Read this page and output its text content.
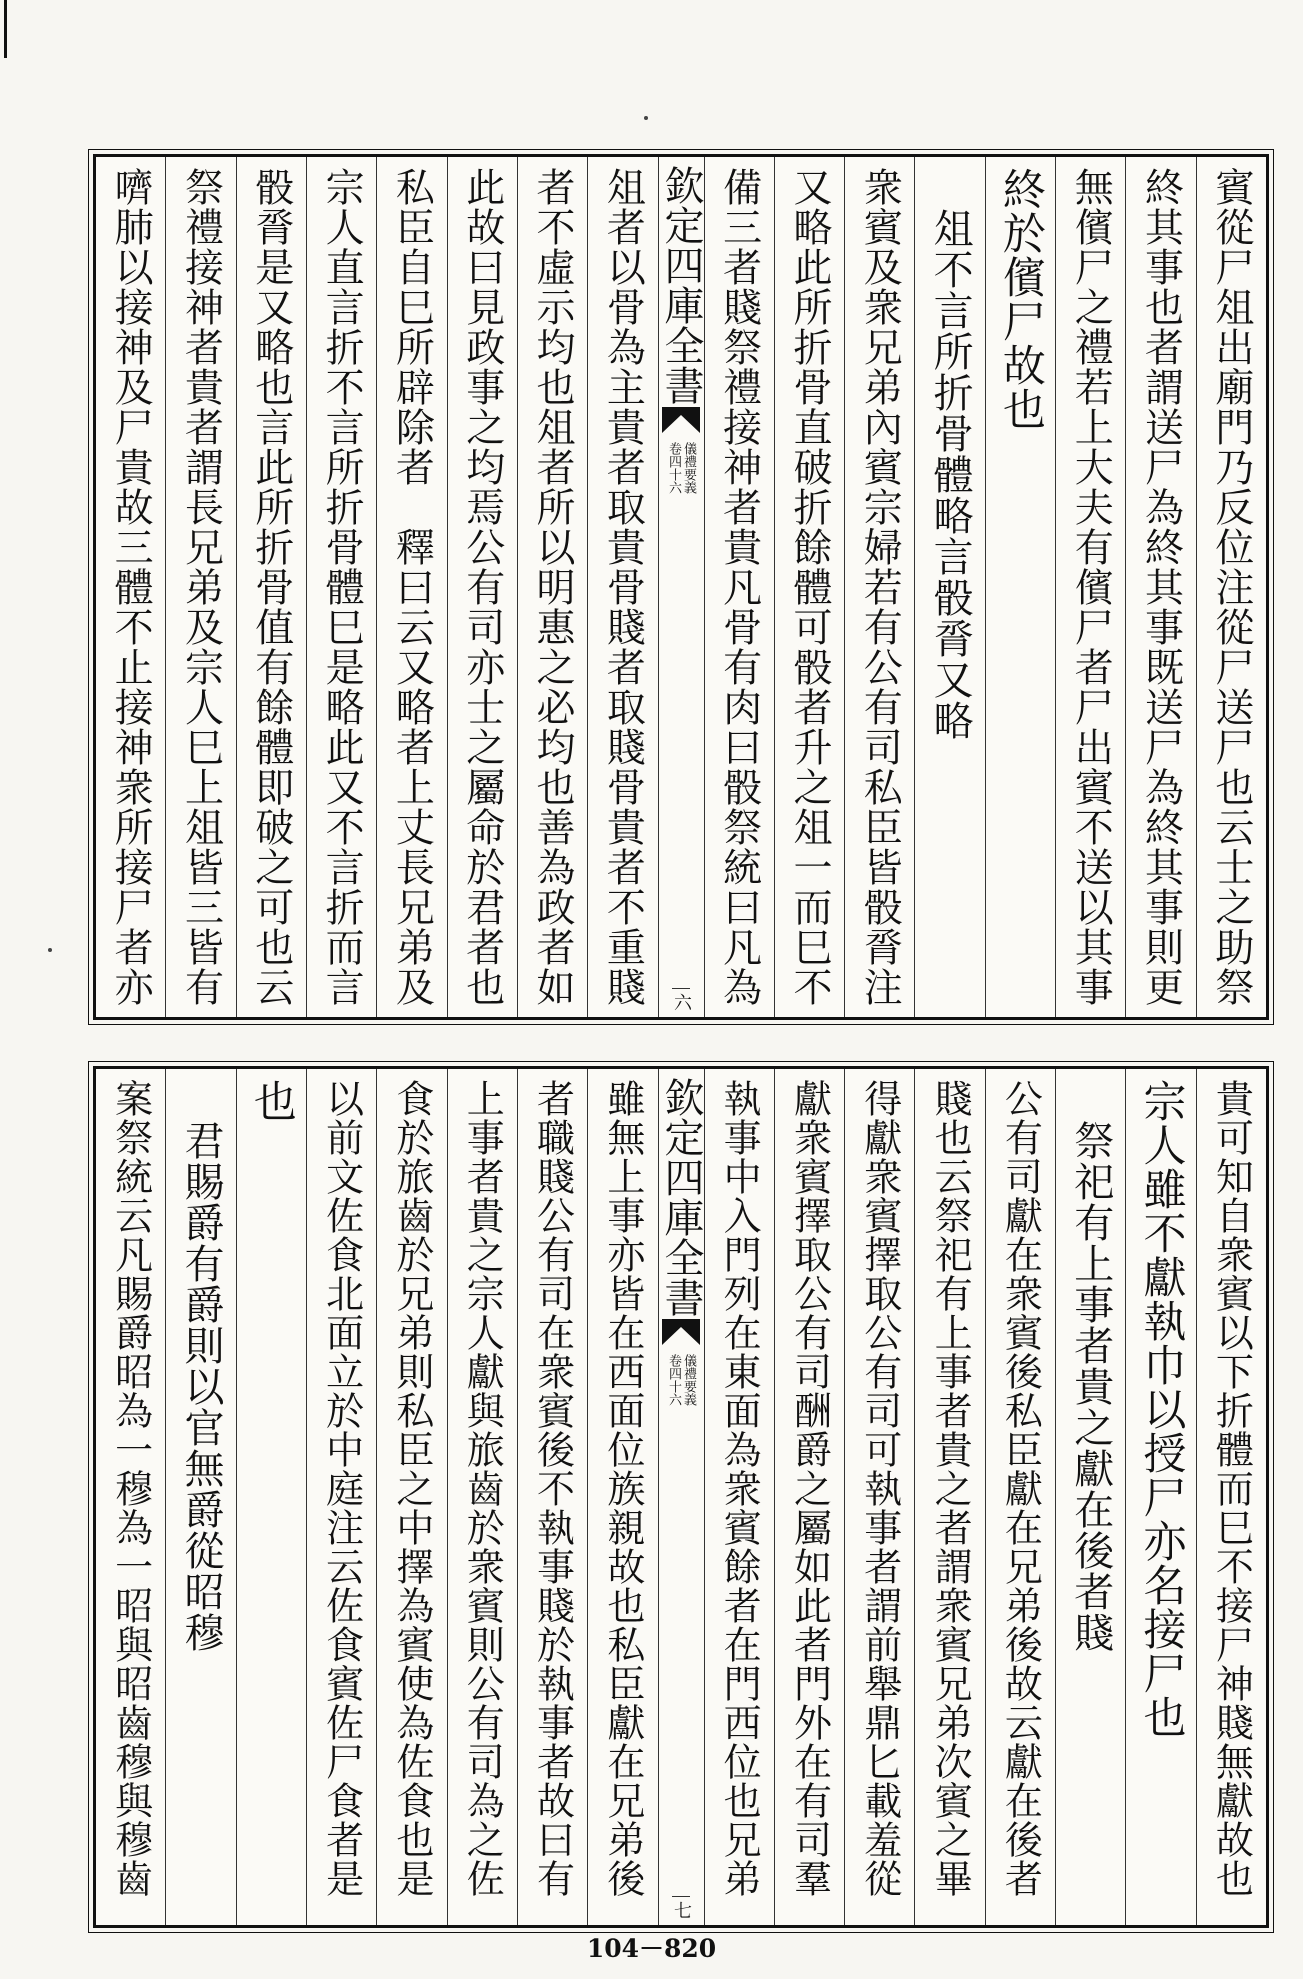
賓從尸俎出廟門乃反位注從尸送尸也云士之助祭
終其事也者謂送尸為終其事既送尸為終其事則更
無儐尸之禮若上大夫有儐尸者尸出賓不送以其事
終於儐尸故也
　俎不言所折骨體略言骰脀又略
衆賓及衆兄弟內賓宗婦若有公有司私臣皆骰脀注
又略此所折骨直破折餘體可骰者升之俎一而巳不
備三者賤祭禮接神者貴凡骨有肉曰骰祭統曰凡為
欽定四庫全書
儀禮要義
卷四十六
六
俎者以骨為主貴者取貴骨賤者取賤骨貴者不重賤
者不虛示均也俎者所以明惠之必均也善為政者如
此故曰見政事之均焉公有司亦士之屬命於君者也
私臣自巳所辟除者　釋曰云又略者上丈長兄弟及
宗人直言折不言所折骨體巳是略此又不言折而言
骰脀是又略也言此所折骨值有餘體即破之可也云
祭禮接神者貴者謂長兄弟及宗人巳上俎皆三皆有
嚌肺以接神及尸貴故三體不止接神衆所接尸者亦
貴可知自衆賓以下折體而巳不接尸神賤無獻故也
宗人雖不獻執巾以授尸亦名接尸也
　祭祀有上事者貴之獻在後者賤
公有司獻在衆賓後私臣獻在兄弟後故云獻在後者
賤也云祭祀有上事者貴之者謂衆賓兄弟次賓之畢
得獻衆賓擇取公有司可執事者謂前舉鼎匕載羞從
獻衆賓擇取公有司酬爵之屬如此者門外在有司羣
執事中入門列在東面為衆賓餘者在門西位也兄弟
欽定四庫全書
儀禮要義
卷四十六
七
雖無上事亦皆在西面位族親故也私臣獻在兄弟後
者職賤公有司在衆賓後不執事賤於執事者故曰有
上事者貴之宗人獻與旅齒於衆賓則公有司為之佐
食於旅齒於兄弟則私臣之中擇為賓使為佐食也是
以前文佐食北面立於中庭注云佐食賓佐尸食者是
也
　君賜爵有爵則以官無爵從昭穆
案祭統云凡賜爵昭為一穆為一昭與昭齒穆與穆齒
104－820
